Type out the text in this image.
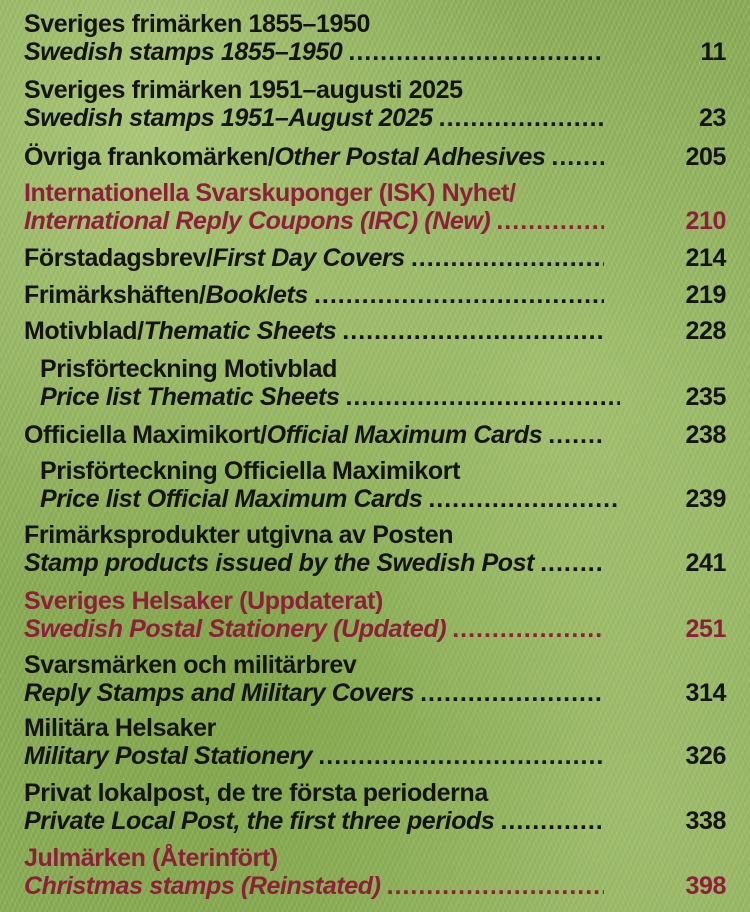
Sveriges frimärken 1855–1950
Swedish stamps 1855–1950 .....	11
Sveriges frimärken 1951–augusti 2025
Swedish stamps 1951–August 2025 .....	23
Övriga frankomärken/ Other Postal Adhesives .....	205
Internationella Svarskuponger (ISK) Nyhet/
International Reply Coupons (IRC) (New) .....	210
Förstadagsbrev/ First Day Covers .....	214
Frimärkshäften/ Booklets .....	219
Motivblad/ Thematic Sheets .....	228
Prisförteckning Motivblad
Price list Thematic Sheets .....	235
Officiella Maximikort/ Official Maximum Cards .....	238
Prisförteckning Officiella Maximikort
Price list Official Maximum Cards .....	239
Frimärksprodukter utgivna av Posten
Stamp products issued by the Swedish Post .....	241
Sveriges Helsaker (Uppdaterat)
Swedish Postal Stationery (Updated) .....	251
Svarsmärken och militärbrev
Reply Stamps and Military Covers .....	314
Militära Helsaker
Military Postal Stationery .....	326
Privat lokalpost, de tre första perioderna
Private Local Post, the first three periods .....	338
Julmärken (Återinfört)
Christmas stamps (Reinstated) .....	398
